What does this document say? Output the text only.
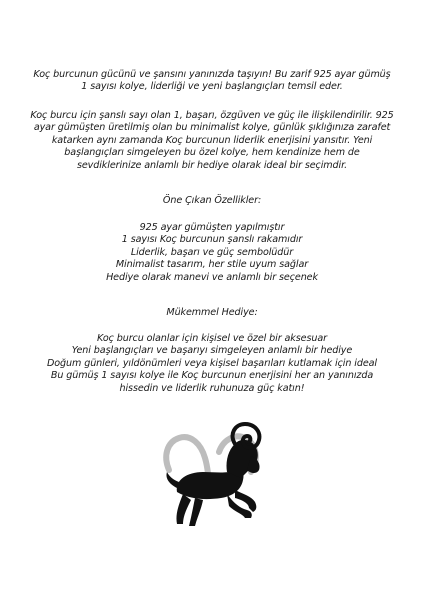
Koç burcunun gücünü ve şansını yanınızda taşıyın! Bu zarif 925 ayar gümüş

1 sayısı kolye, liderliği ve yeni başlangıçları temsil eder.

Koç burcu için şanslı sayı olan 1, başarı, özgüven ve güç ile ilişkilendirilir. 925

ayar gümüşten üretilmiş olan bu minimalist kolye, günlük şıklığınıza zarafet

katarken aynı zamanda Koç burcunun liderlik enerjisini yansıtır. Yeni

başlangıçları simgeleyen bu özel kolye, hem kendinize hem de

sevdiklerinize anlamlı bir hediye olarak ideal bir seçimdir.

Öne Çıkan Özellikler:

925 ayar gümüşten yapılmıştır

1 sayısı Koç burcunun şanslı rakamıdır

Liderlik, başarı ve güç sembolüdür

Minimalist tasarım, her stile uyum sağlar

Hediye olarak manevi ve anlamlı bir seçenek

Mükemmel Hediye:

Koç burcu olanlar için kişisel ve özel bir aksesuar

Yeni başlangıçları ve başarıyı simgeleyen anlamlı bir hediye

Doğum günleri, yıldönümleri veya kişisel başarıları kutlamak için ideal

Bu gümüş 1 sayısı kolye ile Koç burcunun enerjisini her an yanınızda

hissedin ve liderlik ruhunuza güç katın!
